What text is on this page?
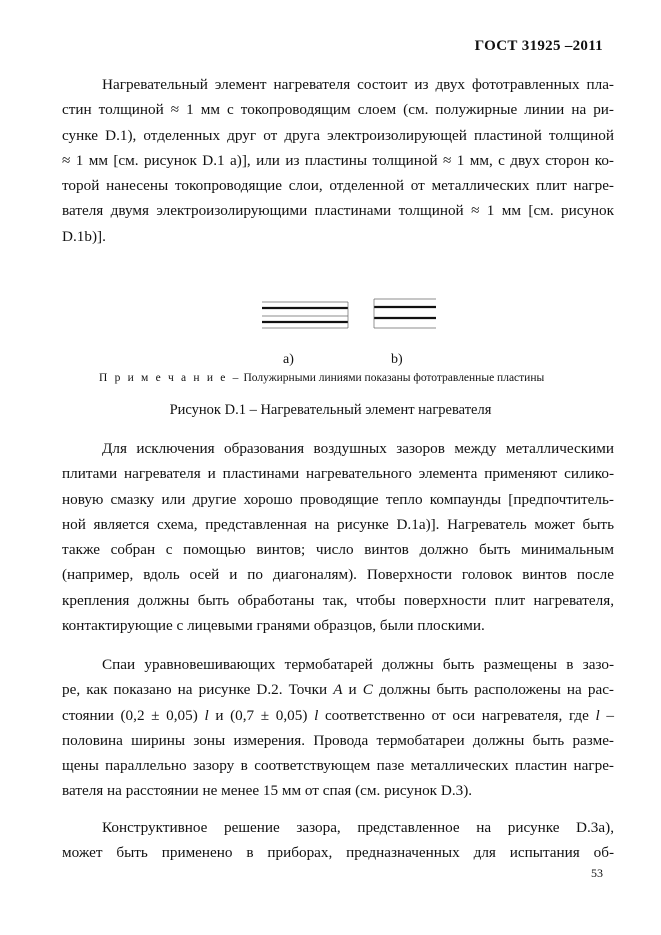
ГОСТ 31925 –2011
Нагревательный элемент нагревателя состоит из двух фототравленных пла-
стин толщиной ≈ 1 мм с токопроводящим слоем (см. полужирные линии на ри-
сунке D.1), отделенных друг от друга электроизолирующей пластиной толщиной
≈ 1 мм [см. рисунок D.1 а)], или из пластины толщиной ≈ 1 мм, с двух сторон ко-
торой нанесены токопроводящие слои, отделенной от металлических плит нагре-
вателя двумя электроизолирующими пластинами толщиной ≈ 1 мм [см. рисунок
D.1b)].
a)	b)
П р и м е ч а н и е – Полужирными линиями показаны фототравленные пластины
Рисунок D.1 – Нагревательный элемент нагревателя
Для исключения образования воздушных зазоров между металлическими
плитами нагревателя и пластинами нагревательного элемента применяют силико-
новую смазку или другие хорошо проводящие тепло компаунды [предпочтитель-
ной является схема, представленная на рисунке D.1а)]. Нагреватель может быть
также собран с помощью винтов; число винтов должно быть минимальным
(например, вдоль осей и по диагоналям). Поверхности головок винтов после
крепления должны быть обработаны так, чтобы поверхности плит нагревателя,
контактирующие с лицевыми гранями образцов, были плоскими.
Спаи уравновешивающих термобатарей должны быть размещены в зазо-
ре, как показано на рисунке D.2. Точки A и C должны быть расположены на рас-
стоянии (0,2 ± 0,05) l и (0,7 ± 0,05) l соответственно от оси нагревателя, где l –
половина ширины зоны измерения. Провода термобатареи должны быть разме-
щены параллельно зазору в соответствующем пазе металлических пластин нагре-
вателя на расстоянии не менее 15 мм от спая (см. рисунок D.3).
Конструктивное решение зазора, представленное на рисунке D.3а),
может быть применено в приборах, предназначенных для испытания об-
53
